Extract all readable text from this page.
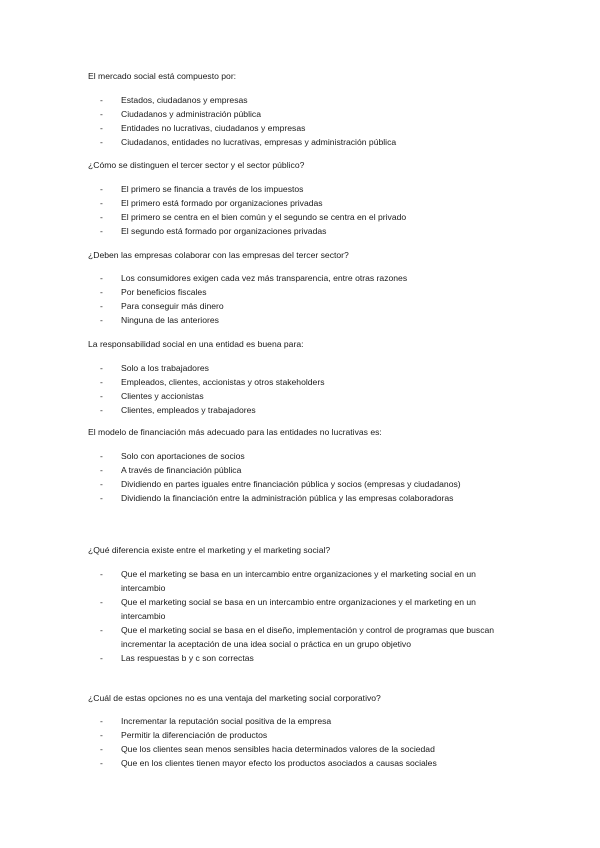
El mercado social está compuesto por:

- Estados, ciudadanos y empresas
- Ciudadanos y administración pública
- Entidades no lucrativas, ciudadanos y empresas
- Ciudadanos, entidades no lucrativas, empresas y administración pública

¿Cómo se distinguen el tercer sector y el sector público?

- El primero se financia a través de los impuestos
- El primero está formado por organizaciones privadas
- El primero se centra en el bien común y el segundo se centra en el privado
- El segundo está formado por organizaciones privadas

¿Deben las empresas colaborar con las empresas del tercer sector?

- Los consumidores exigen cada vez más transparencia, entre otras razones
- Por beneficios fiscales
- Para conseguir más dinero
- Ninguna de las anteriores

La responsabilidad social en una entidad es buena para:

- Solo a los trabajadores
- Empleados, clientes, accionistas y otros stakeholders
- Clientes y accionistas
- Clientes, empleados y trabajadores

El modelo de financiación más adecuado para las entidades no lucrativas es:

- Solo con aportaciones de socios
- A través de financiación pública
- Dividiendo en partes iguales entre financiación pública y socios (empresas y ciudadanos)
- Dividiendo la financiación entre la administración pública y las empresas colaboradoras

¿Qué diferencia existe entre el marketing y el marketing social?

- Que el marketing se basa en un intercambio entre organizaciones y el marketing social en un intercambio
- Que el marketing social se basa en un intercambio entre organizaciones y el marketing en un intercambio
- Que el marketing social se basa en el diseño, implementación y control de programas que buscan incrementar la aceptación de una idea social o práctica en un grupo objetivo
- Las respuestas b y c son correctas

¿Cuál de estas opciones no es una ventaja del marketing social corporativo?

- Incrementar la reputación social positiva de la empresa
- Permitir la diferenciación de productos
- Que los clientes sean menos sensibles hacia determinados valores de la sociedad
- Que en los clientes tienen mayor efecto los productos asociados a causas sociales
